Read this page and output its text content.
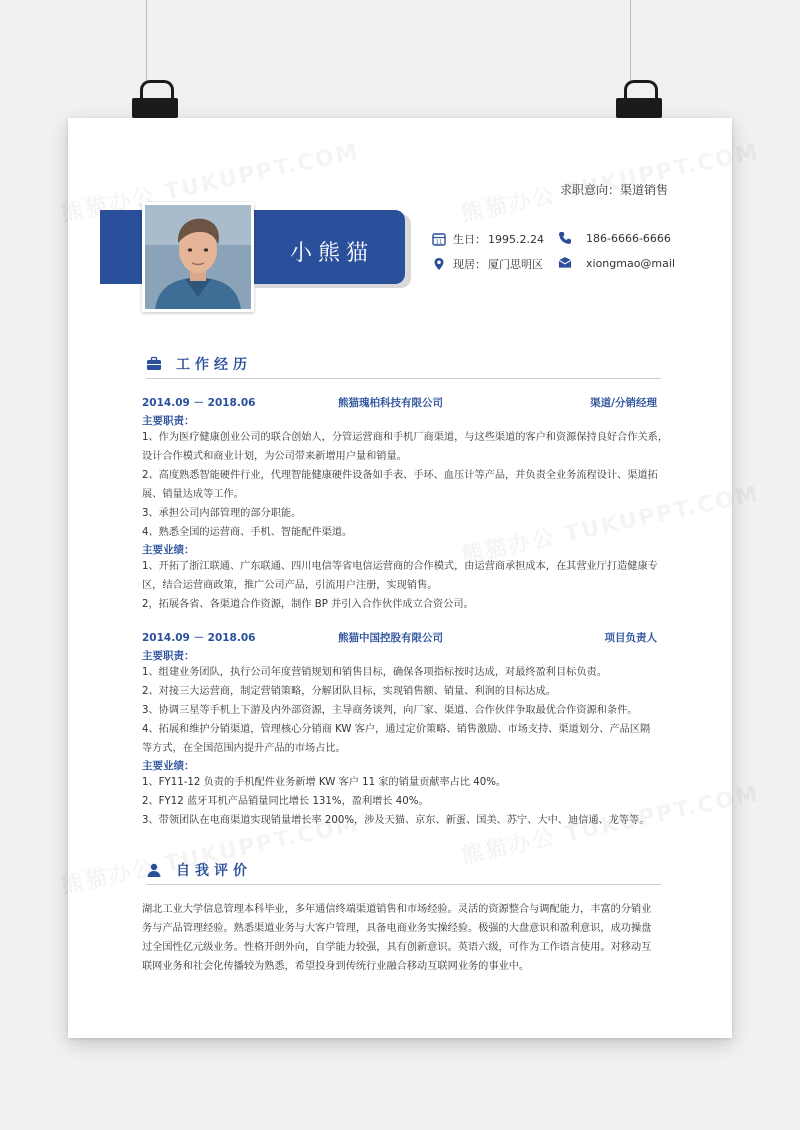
求职意向：渠道销售
小熊猫	11 生日： 1995.2.24	186-6666-6666
现居： 厦门思明区	xiongmao@mail
工作经历
2014.09 － 2018.06	熊猫瑰柏科技有限公司	渠道/分销经理
主要职责：
1、作为医疗健康创业公司的联合创始人，分管运营商和手机厂商渠道，与这些渠道的客户和资源保持良好合作关系，
设计合作模式和商业计划，为公司带来新增用户量和销量。
2、高度熟悉智能硬件行业，代理智能健康硬件设备如手表、手环、血压计等产品，并负责全业务流程设计、渠道拓
展、销量达成等工作。
3、承担公司内部管理的部分职能。
4、熟悉全国的运营商、手机、智能配件渠道。
主要业绩：
1、开拓了浙江联通、广东联通、四川电信等省电信运营商的合作模式，由运营商承担成本，在其营业厅打造健康专
区，结合运营商政策，推广公司产品，引流用户注册，实现销售。
2，拓展各省、各渠道合作资源，制作 BP 并引入合作伙伴成立合资公司。
2014.09 － 2018.06	熊猫中国控股有限公司	项目负责人
主要职责：
1、组建业务团队，执行公司年度营销规划和销售目标，确保各项指标按时达成，对最终盈利目标负责。
2、对接三大运营商，制定营销策略，分解团队目标，实现销售额、销量、利润的目标达成。
3、协调三星等手机上下游及内外部资源，主导商务谈判，向厂家、渠道、合作伙伴争取最优合作资源和条件。
4、拓展和维护分销渠道，管理核心分销商 KW 客户，通过定价策略、销售激励、市场支持、渠道划分、产品区隔
等方式，在全国范围内提升产品的市场占比。
主要业绩：
1、FY11-12 负责的手机配件业务新增 KW 客户 11 家的销量贡献率占比 40%。
2、FY12 蓝牙耳机产品销量同比增长 131%，盈利增长 40%。
3、带领团队在电商渠道实现销量增长率 200%，涉及天猫、京东、新蛋、国美、苏宁、大中、迪信通、龙等等。
自我评价
湖北工业大学信息管理本科毕业，多年通信终端渠道销售和市场经验。灵活的资源整合与调配能力，丰富的分销业
务与产品管理经验。熟悉渠道业务与大客户管理，具备电商业务实操经验。极强的大盘意识和盈利意识，成功操盘
过全国性亿元级业务。性格开朗外向，自学能力较强，具有创新意识。英语六级，可作为工作语言使用。对移动互
联网业务和社会化传播较为熟悉，希望投身到传统行业融合移动互联网业务的事业中。
